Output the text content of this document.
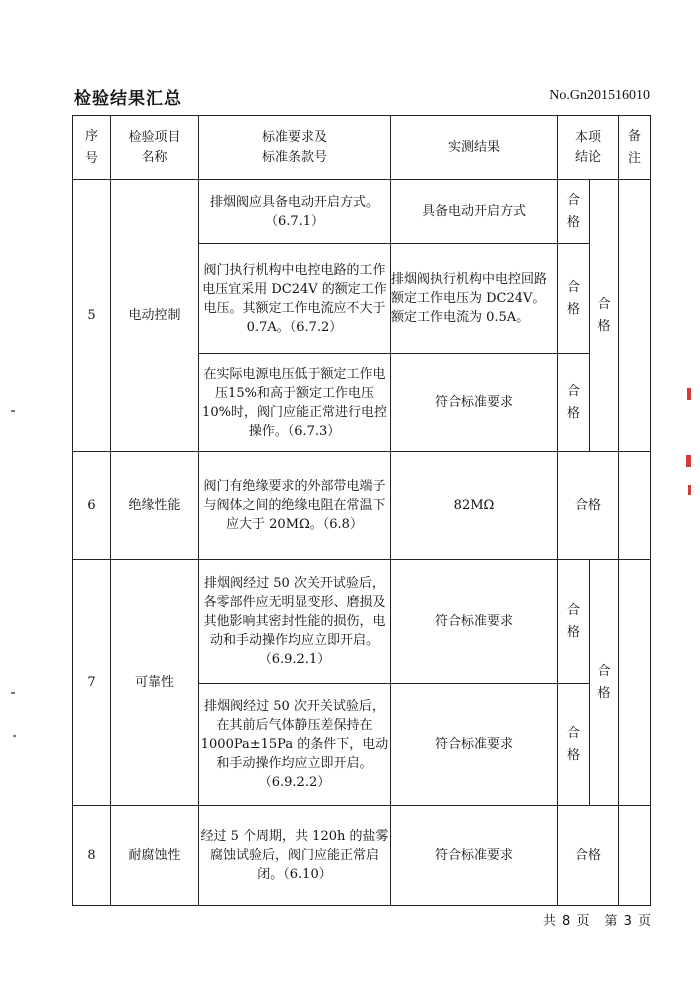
检验结果汇总	No.Gn201516010
序号	检验项目名称	标准要求及标准条款号	实测结果	本项结论		备注
5	电动控制	排烟阀应具备电动开启方式。（6.7.1）	具备电动开启方式	合格	合格	
		阀门执行机构中电控电路的工作电压宜采用 DC24V 的额定工作电压。其额定工作电流应不大于 0.7A。（6.7.2）	排烟阀执行机构中电控回路额定工作电压为 DC24V。额定工作电流为 0.5A。	合格		
		在实际电源电压低于额定工作电压15%和高于额定工作电压 10%时，阀门应能正常进行电控操作。（6.7.3）	符合标准要求	合格		
6	绝缘性能	阀门有绝缘要求的外部带电端子与阀体之间的绝缘电阻在常温下应大于 20MΩ。（6.8）	82MΩ	合格		
7	可靠性	排烟阀经过 50 次关开试验后，各零部件应无明显变形、磨损及其他影响其密封性能的损伤，电动和手动操作均应立即开启。（6.9.2.1）	符合标准要求	合格	合格	
		排烟阀经过 50 次开关试验后，在其前后气体静压差保持在 1000Pa±15Pa 的条件下，电动和手动操作均应立即开启。（6.9.2.2）	符合标准要求	合格		
8	耐腐蚀性	经过 5 个周期，共 120h 的盐雾腐蚀试验后，阀门应能正常启闭。（6.10）	符合标准要求	合格		
共 8 页　第 3 页
